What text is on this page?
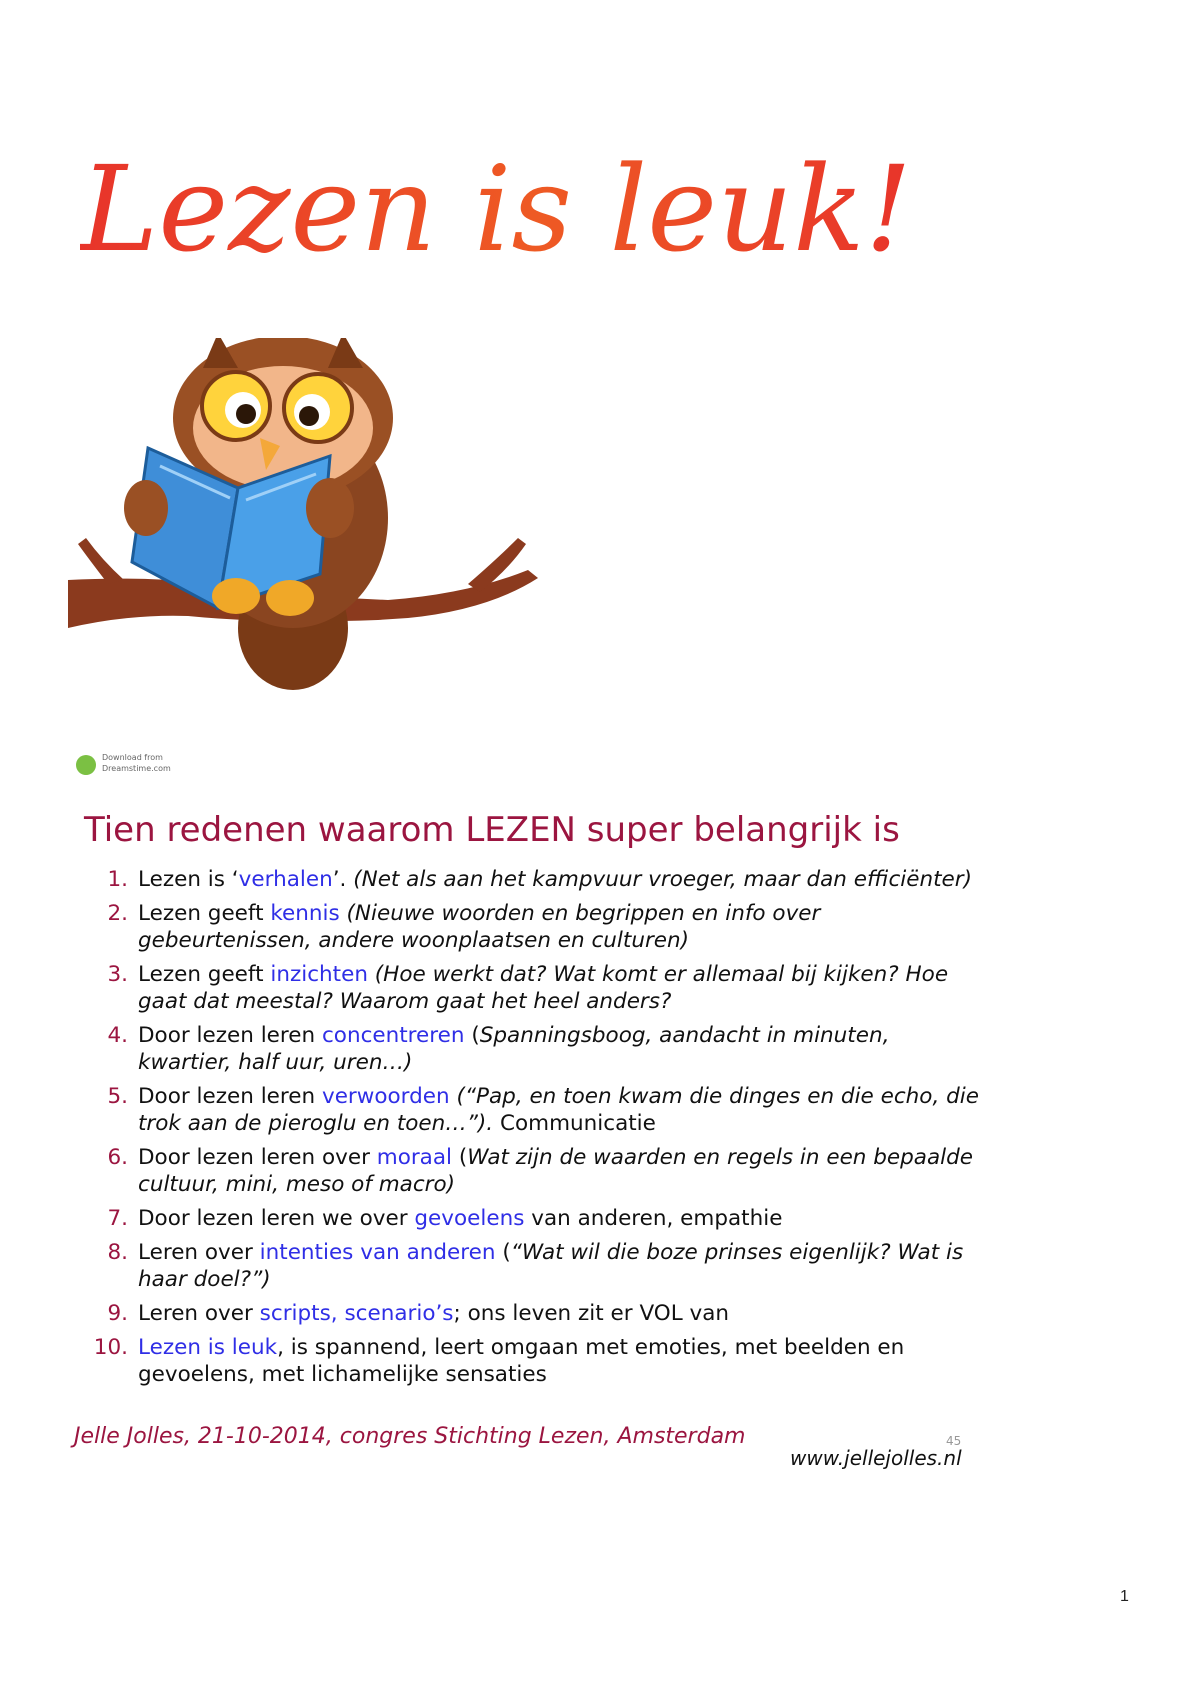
Lezen is leuk!
Download from
Dreamstime.com
Tien redenen waarom LEZEN super belangrijk is
1. Lezen is ‘verhalen’. (Net als aan het kampvuur vroeger, maar dan efficiënter)
2. Lezen geeft kennis (Nieuwe woorden en begrippen en info over gebeurtenissen, andere woonplaatsen en culturen)
3. Lezen geeft inzichten (Hoe werkt dat? Wat komt er allemaal bij kijken? Hoe gaat dat meestal? Waarom gaat het heel anders?
4. Door lezen leren concentreren (Spanningsboog, aandacht in minuten, kwartier, half uur, uren…)
5. Door lezen leren verwoorden (“Pap, en toen kwam die dinges en die echo, die trok aan de pieroglu en toen…”). Communicatie
6. Door lezen leren over moraal (Wat zijn de waarden en regels in een bepaalde cultuur, mini, meso of macro)
7. Door lezen leren we over gevoelens van anderen, empathie
8. Leren over intenties van anderen (“Wat wil die boze prinses eigenlijk? Wat is haar doel?”)
9. Leren over scripts, scenario’s; ons leven zit er VOL van
10. Lezen is leuk, is spannend, leert omgaan met emoties, met beelden en gevoelens, met lichamelijke sensaties
Jelle Jolles, 21-10-2014, congres Stichting Lezen, Amsterdam	45
www.jellejolles.nl
1
